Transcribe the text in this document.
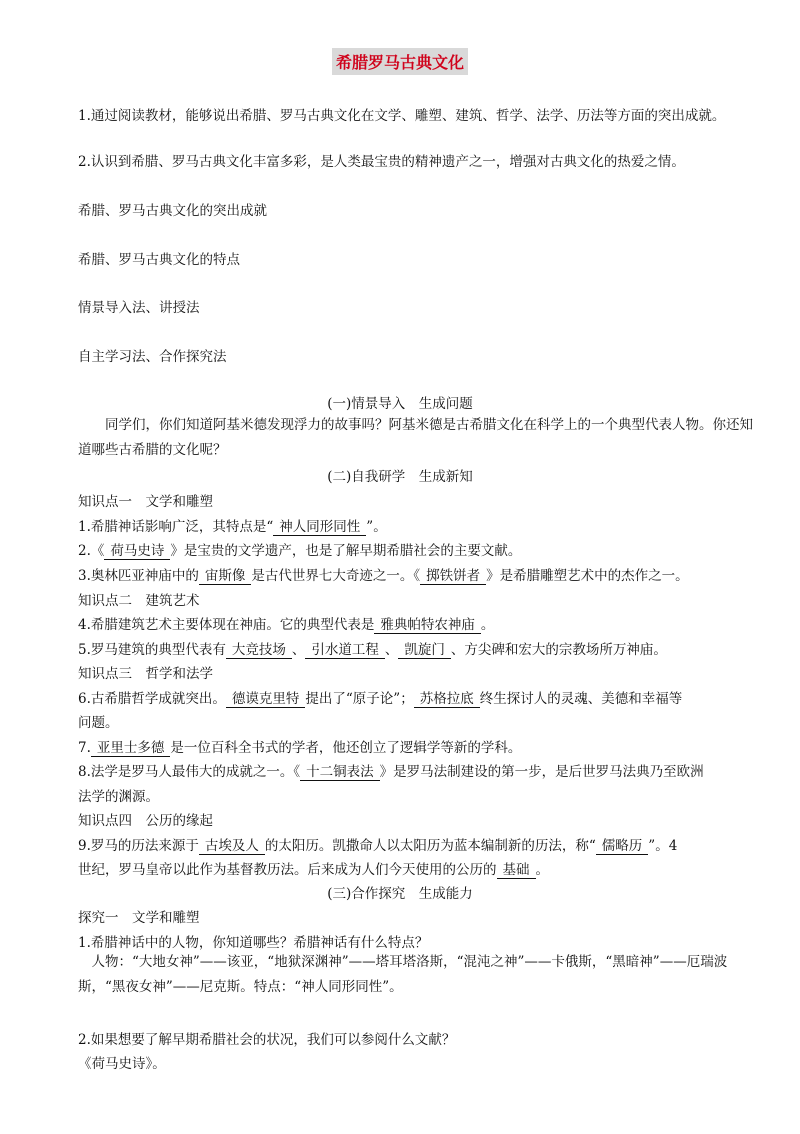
希腊罗马古典文化
1.通过阅读教材，能够说出希腊、罗马古典文化在文学、雕塑、建筑、哲学、法学、历法等方面的突出成就。
2.认识到希腊、罗马古典文化丰富多彩，是人类最宝贵的精神遗产之一，增强对古典文化的热爱之情。
希腊、罗马古典文化的突出成就
希腊、罗马古典文化的特点
情景导入法、讲授法
自主学习法、合作探究法
(一)情景导入　生成问题
同学们，你们知道阿基米德发现浮力的故事吗？阿基米德是古希腊文化在科学上的一个典型代表人物。你还知道哪些古希腊的文化呢？
(二)自我研学　生成新知
知识点一　文学和雕塑
1.希腊神话影响广泛，其特点是“ 神人同形同性 ”。
2.《 荷马史诗 》是宝贵的文学遗产，也是了解早期希腊社会的主要文献。
3.奥林匹亚神庙中的 宙斯像 是古代世界七大奇迹之一。《 掷铁饼者 》是希腊雕塑艺术中的杰作之一。
知识点二　建筑艺术
4.希腊建筑艺术主要体现在神庙。它的典型代表是 雅典帕特农神庙 。
5.罗马建筑的典型代表有 大竞技场 、 引水道工程 、 凯旋门 、方尖碑和宏大的宗教场所万神庙。
知识点三　哲学和法学
6.古希腊哲学成就突出。 德谟克里特 提出了“原子论”； 苏格拉底 终生探讨人的灵魂、美德和幸福等
问题。
7. 亚里士多德 是一位百科全书式的学者，他还创立了逻辑学等新的学科。
8.法学是罗马人最伟大的成就之一。《 十二铜表法 》是罗马法制建设的第一步，是后世罗马法典乃至欧洲
法学的渊源。
知识点四　公历的缘起
9.罗马的历法来源于 古埃及人 的太阳历。凯撒命人以太阳历为蓝本编制新的历法，称“ 儒略历 ”。4
世纪，罗马皇帝以此作为基督教历法。后来成为人们今天使用的公历的 基础 。
(三)合作探究　生成能力
探究一　文学和雕塑
1.希腊神话中的人物，你知道哪些？希腊神话有什么特点？
人物：“大地女神”——该亚，“地狱深渊神”——塔耳塔洛斯，“混沌之神”——卡俄斯，“黑暗神”——厄瑞波斯，“黑夜女神”——尼克斯。特点：“神人同形同性”。
2.如果想要了解早期希腊社会的状况，我们可以参阅什么文献？
《荷马史诗》。
